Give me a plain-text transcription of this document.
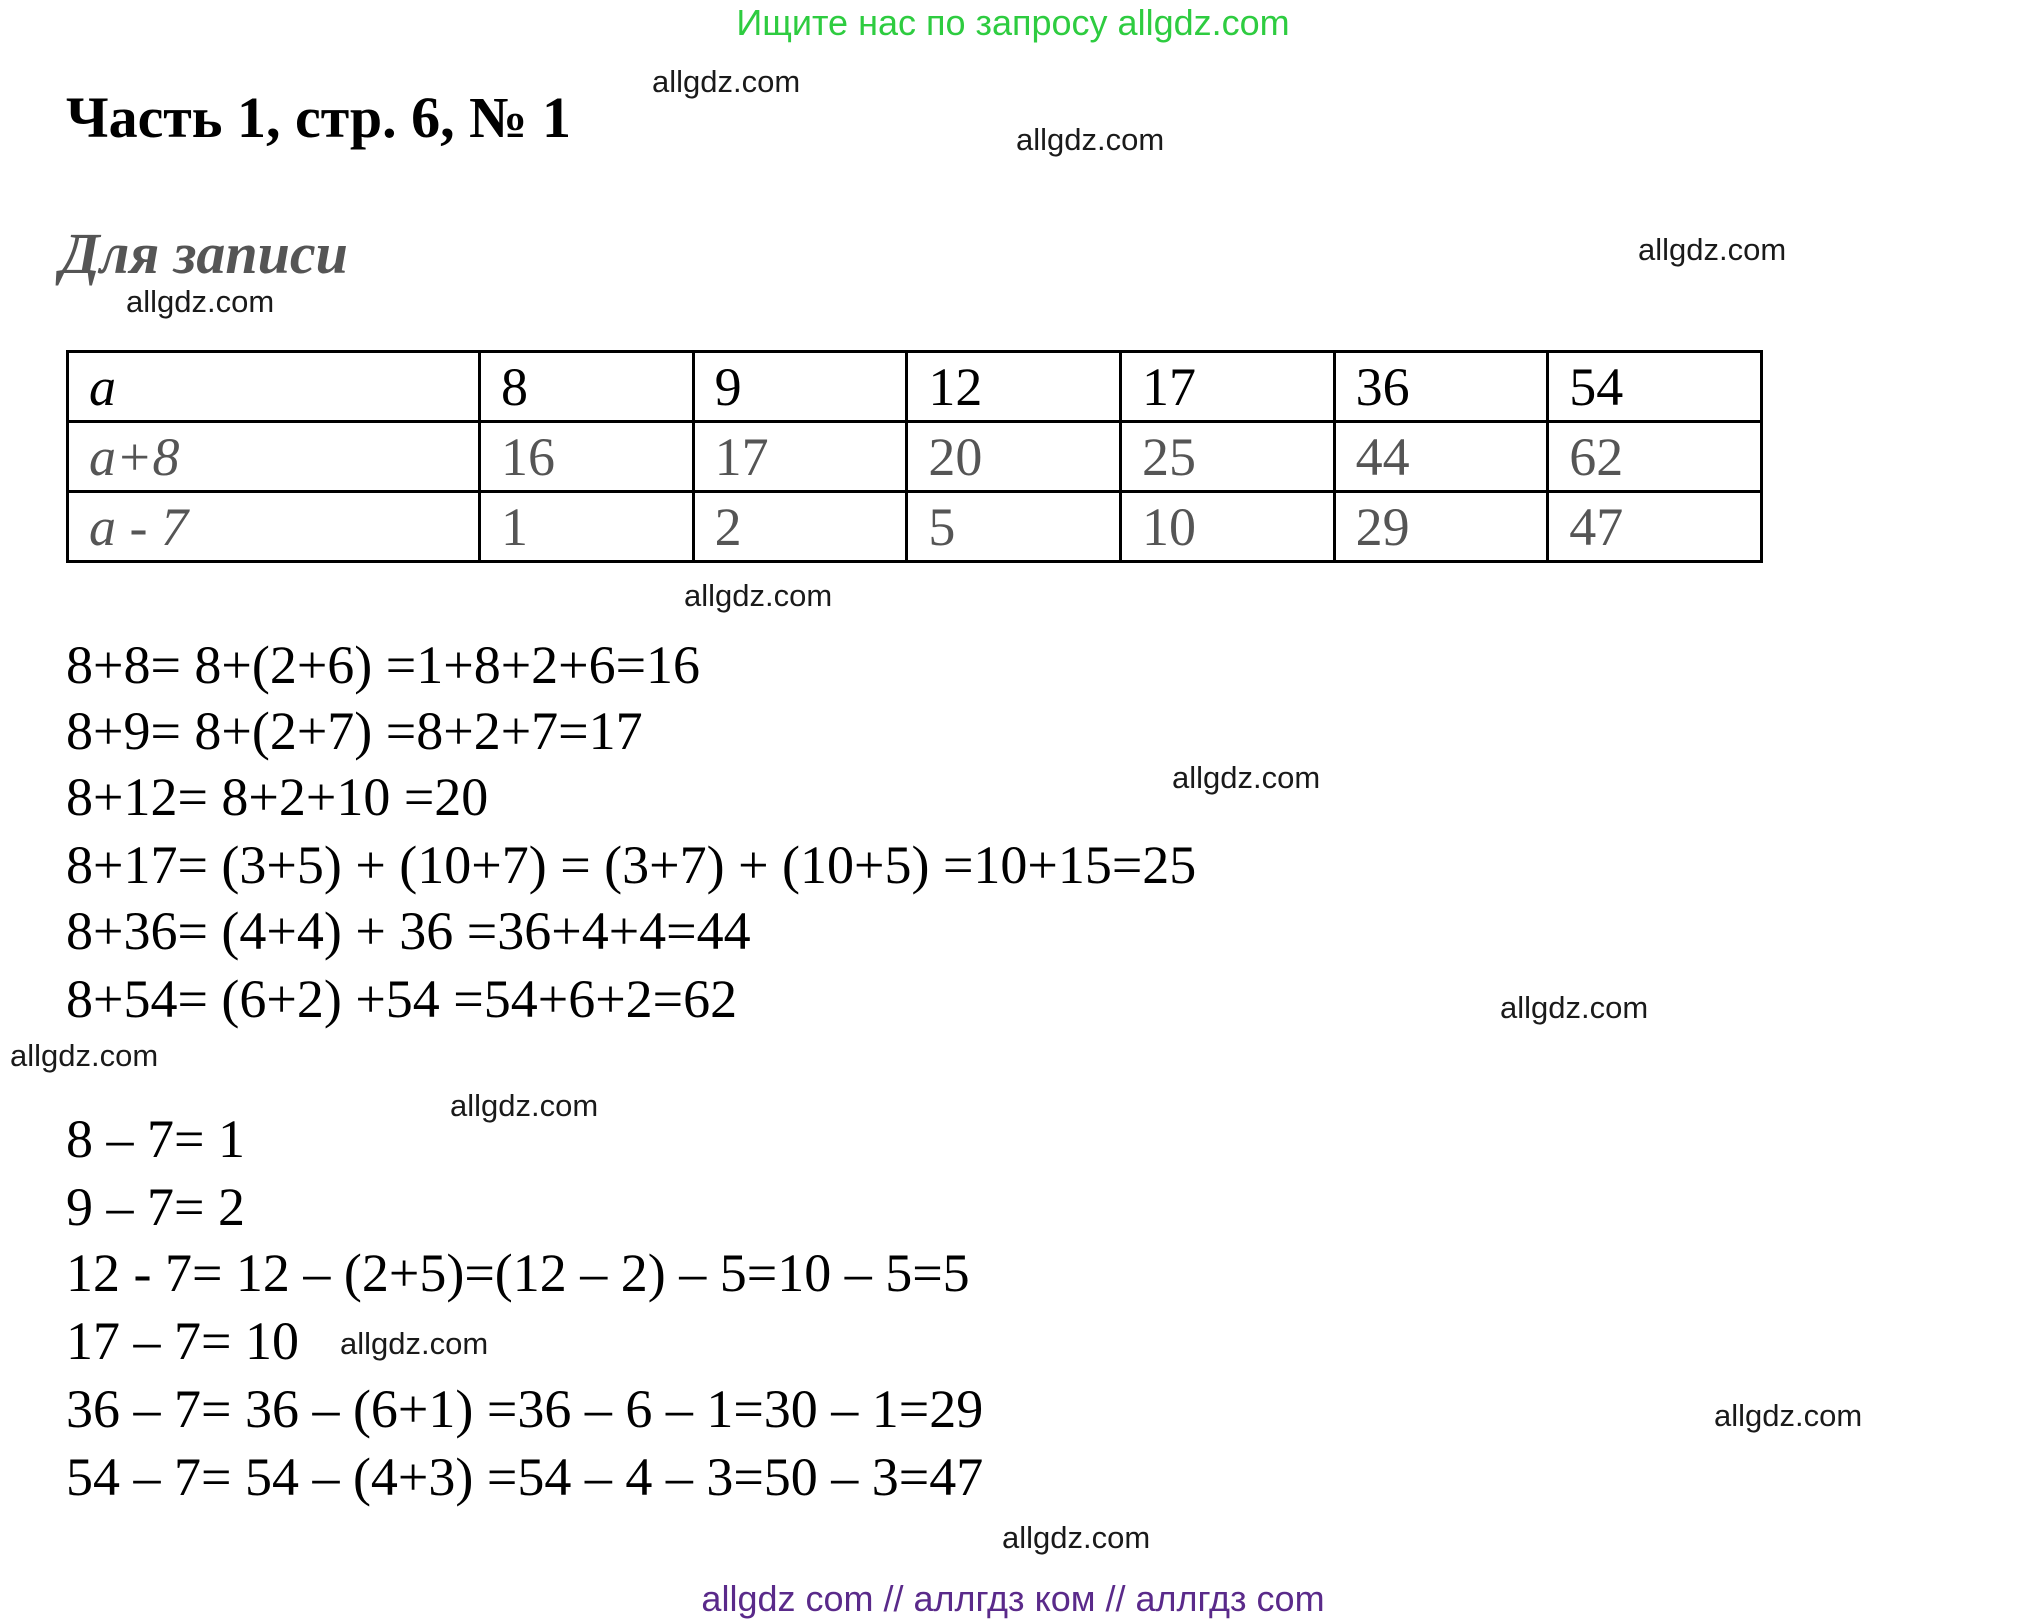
Ищите нас по запросу allgdz.com
Часть 1, стр. 6, № 1
Для записи
allgdz.com
allgdz.com
allgdz.com
allgdz.com
allgdz.com
allgdz.com
allgdz.com
allgdz.com
allgdz.com
allgdz.com
allgdz.com
allgdz.com
a	8	9	12	17	36	54
a+8	16	17	20	25	44	62
a - 7	1	2	5	10	29	47
8+8= 8+(2+6) =1+8+2+6=16
8+9= 8+(2+7) =8+2+7=17
8+12= 8+2+10 =20
8+17= (3+5) + (10+7) = (3+7) + (10+5) =10+15=25
8+36= (4+4) + 36 =36+4+4=44
8+54= (6+2) +54 =54+6+2=62
8 – 7= 1
9 – 7= 2
12 - 7= 12 – (2+5)=(12 – 2) – 5=10 – 5=5
17 – 7= 10
36 – 7= 36 – (6+1) =36 – 6 – 1=30 – 1=29
54 – 7= 54 – (4+3) =54 – 4 – 3=50 – 3=47
allgdz com // аллгдз ком // аллгдз com
